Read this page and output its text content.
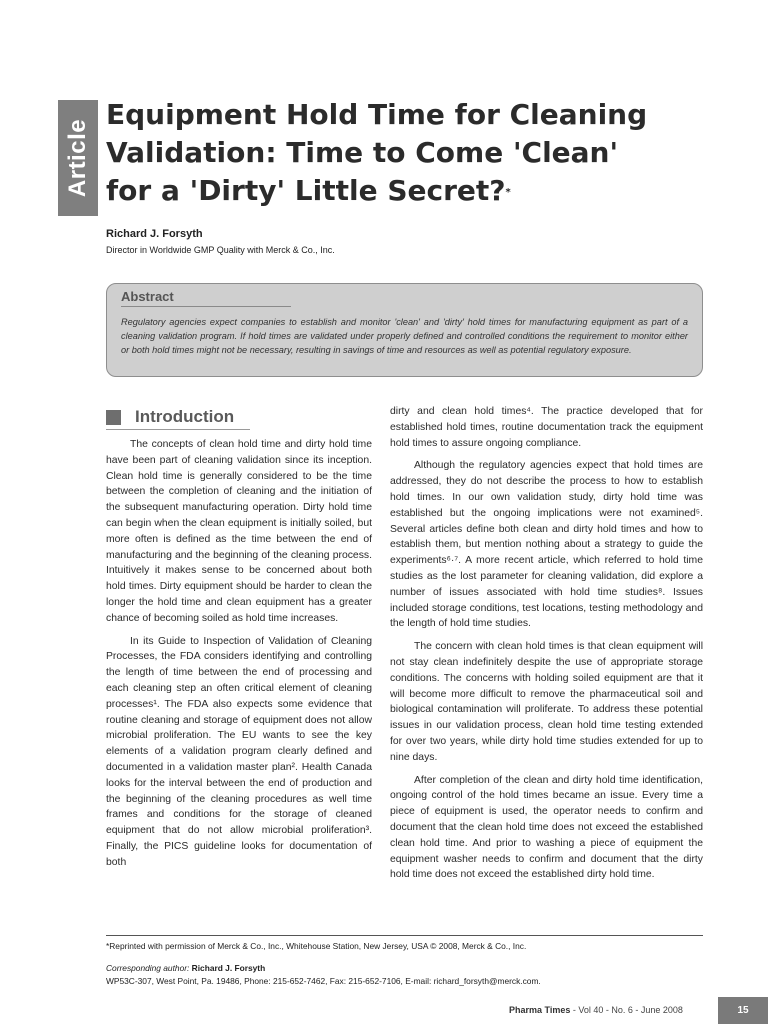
Article
Equipment Hold Time for Cleaning Validation: Time to Come 'Clean' for a 'Dirty' Little Secret?*
Richard J. Forsyth
Director in Worldwide GMP Quality with Merck & Co., Inc.
Abstract

Regulatory agencies expect companies to establish and monitor 'clean' and 'dirty' hold times for manufacturing equipment as part of a cleaning validation program. If hold times are validated under properly defined and controlled conditions the requirement to monitor either or both hold times might not be necessary, resulting in savings of time and resources as well as potential regulatory exposure.

Introduction

The concepts of clean hold time and dirty hold time have been part of cleaning validation since its inception. Clean hold time is generally considered to be the time between the completion of cleaning and the initiation of the subsequent manufacturing operation. Dirty hold time can begin when the clean equipment is initially soiled, but more often is defined as the time between the end of manufacturing and the beginning of the cleaning process. Intuitively it makes sense to be concerned about both hold times. Dirty equipment should be harder to clean the longer the hold time and clean equipment has a greater chance of becoming soiled as hold time increases.

In its Guide to Inspection of Validation of Cleaning Processes, the FDA considers identifying and controlling the length of time between the end of processing and each cleaning step an often critical element of cleaning processes¹. The FDA also expects some evidence that routine cleaning and storage of equipment does not allow microbial proliferation. The EU wants to see the key elements of a validation program clearly defined and documented in a validation master plan². Health Canada looks for the interval between the end of production and the beginning of the cleaning procedures as well time frames and conditions for the storage of cleaned equipment that do not allow microbial proliferation³. Finally, the PICS guideline looks for documentation of both

dirty and clean hold times⁴. The practice developed that for established hold times, routine documentation track the equipment hold times to assure ongoing compliance.

Although the regulatory agencies expect that hold times are addressed, they do not describe the process to how to establish hold times. In our own validation study, dirty hold time was established but the ongoing implications were not examined⁵. Several articles define both clean and dirty hold times and how to establish them, but mention nothing about a strategy to guide the experiments⁶·⁷. A more recent article, which referred to hold time studies as the lost parameter for cleaning validation, did explore a number of issues associated with hold time studies⁸. Issues included storage conditions, test locations, testing methodology and the length of hold time studies.

The concern with clean hold times is that clean equipment will not stay clean indefinitely despite the use of appropriate storage conditions. The concerns with holding soiled equipment are that it will become more difficult to remove the pharmaceutical soil and biological contamination will proliferate. To address these potential issues in our validation process, clean hold time testing extended for over two years, while dirty hold time studies extended for up to nine days.

After completion of the clean and dirty hold time identification, ongoing control of the hold times became an issue. Every time a piece of equipment is used, the operator needs to confirm and document that the clean hold time does not exceed the established clean hold time. And prior to washing a piece of equipment the equipment washer needs to confirm and document that the dirty hold time does not exceed the established dirty hold time.

*Reprinted with permission of Merck & Co., Inc., Whitehouse Station, New Jersey, USA © 2008, Merck & Co., Inc.
Corresponding author: Richard J. Forsyth
WP53C-307, West Point, Pa. 19486, Phone: 215-652-7462, Fax: 215-652-7106, E-mail: richard_forsyth@merck.com.
Pharma Times - Vol 40 - No. 6 - June 2008	15
